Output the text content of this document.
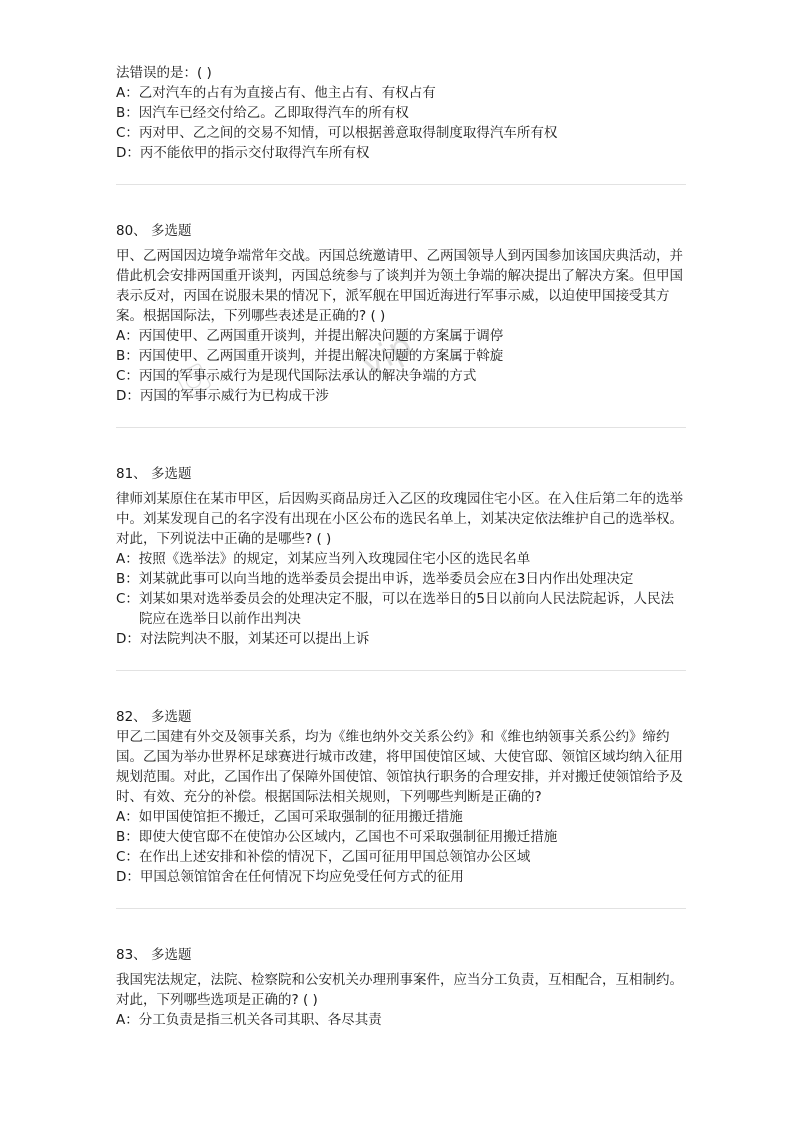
.vip

法错误的是：( )

A： 乙对汽车的占有为直接占有、他主占有、有权占有
B： 因汽车已经交付给乙。乙即取得汽车的所有权
C： 丙对甲、乙之间的交易不知情，可以根据善意取得制度取得汽车所有权
D： 丙不能依甲的指示交付取得汽车所有权

80、 多选题

甲、乙两国因边境争端常年交战。丙国总统邀请甲、乙两国领导人到丙国参加该国庆典活动，并借此机会安排两国重开谈判，丙国总统参与了谈判并为领土争端的解决提出了解决方案。但甲国表示反对，丙国在说服未果的情况下，派军舰在甲国近海进行军事示威，以迫使甲国接受其方案。根据国际法，下列哪些表述是正确的? ( )

A： 丙国使甲、乙两国重开谈判，并提出解决问题的方案属于调停
B： 丙国使甲、乙两国重开谈判，并提出解决问题的方案属于斡旋
C： 丙国的军事示威行为是现代国际法承认的解决争端的方式
D： 丙国的军事示威行为已构成干涉

81、 多选题

律师刘某原住在某市甲区，后因购买商品房迁入乙区的玫瑰园住宅小区。在入住后第二年的选举中。刘某发现自己的名字没有出现在小区公布的选民名单上，刘某决定依法维护自己的选举权。对此，下列说法中正确的是哪些? ( )

A： 按照《选举法》的规定，刘某应当列入玫瑰园住宅小区的选民名单
B： 刘某就此事可以向当地的选举委员会提出申诉，选举委员会应在3日内作出处理决定
C： 刘某如果对选举委员会的处理决定不服，可以在选举日的5日以前向人民法院起诉，人民法院应在选举日以前作出判决
D： 对法院判决不服，刘某还可以提出上诉

82、 多选题

甲乙二国建有外交及领事关系，均为《维也纳外交关系公约》和《维也纳领事关系公约》缔约国。乙国为举办世界杯足球赛进行城市改建，将甲国使馆区域、大使官邸、领馆区域均纳入征用规划范围。对此，乙国作出了保障外国使馆、领馆执行职务的合理安排，并对搬迁使领馆给予及时、有效、充分的补偿。根据国际法相关规则，下列哪些判断是正确的?

A： 如甲国使馆拒不搬迁，乙国可采取强制的征用搬迁措施
B： 即使大使官邸不在使馆办公区域内，乙国也不可采取强制征用搬迁措施
C： 在作出上述安排和补偿的情况下，乙国可征用甲国总领馆办公区域
D： 甲国总领馆馆舍在任何情况下均应免受任何方式的征用

83、 多选题

我国宪法规定，法院、检察院和公安机关办理刑事案件，应当分工负责，互相配合，互相制约。对此，下列哪些选项是正确的? ( )

A： 分工负责是指三机关各司其职、各尽其责
